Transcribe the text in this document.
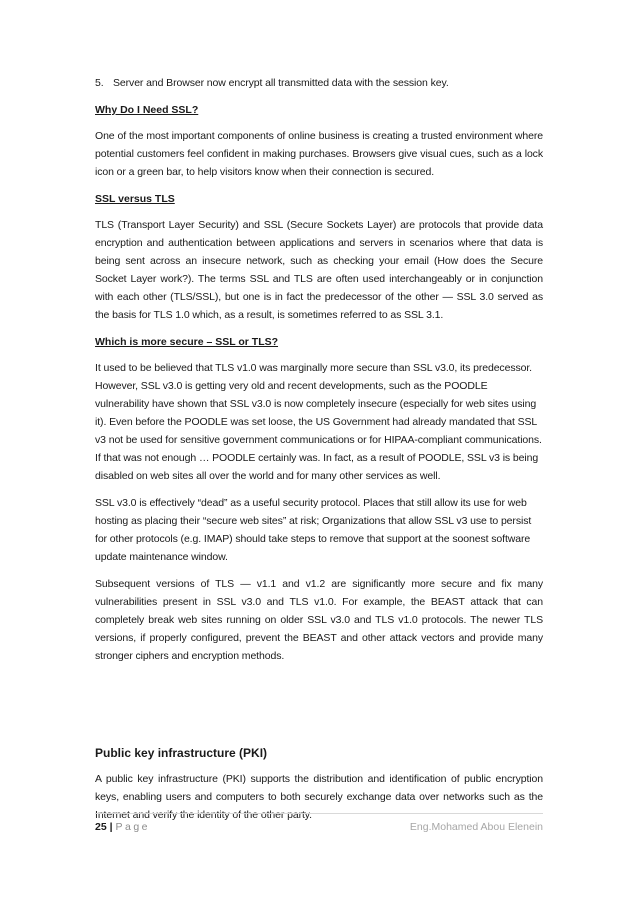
5. Server and Browser now encrypt all transmitted data with the session key.

Why Do I Need SSL?

One of the most important components of online business is creating a trusted environment where potential customers feel confident in making purchases. Browsers give visual cues, such as a lock icon or a green bar, to help visitors know when their connection is secured.

SSL versus TLS

TLS (Transport Layer Security) and SSL (Secure Sockets Layer) are protocols that provide data encryption and authentication between applications and servers in scenarios where that data is being sent across an insecure network, such as checking your email (How does the Secure Socket Layer work?). The terms SSL and TLS are often used interchangeably or in conjunction with each other (TLS/SSL), but one is in fact the predecessor of the other — SSL 3.0 served as the basis for TLS 1.0 which, as a result, is sometimes referred to as SSL 3.1.

Which is more secure – SSL or TLS?

It used to be believed that TLS v1.0 was marginally more secure than SSL v3.0, its predecessor. However, SSL v3.0 is getting very old and recent developments, such as the POODLE vulnerability have shown that SSL v3.0 is now completely insecure (especially for web sites using it). Even before the POODLE was set loose, the US Government had already mandated that SSL v3 not be used for sensitive government communications or for HIPAA-compliant communications. If that was not enough … POODLE certainly was. In fact, as a result of POODLE, SSL v3 is being disabled on web sites all over the world and for many other services as well.

SSL v3.0 is effectively “dead” as a useful security protocol. Places that still allow its use for web hosting as placing their “secure web sites” at risk; Organizations that allow SSL v3 use to persist for other protocols (e.g. IMAP) should take steps to remove that support at the soonest software update maintenance window.

Subsequent versions of TLS — v1.1 and v1.2 are significantly more secure and fix many vulnerabilities present in SSL v3.0 and TLS v1.0. For example, the BEAST attack that can completely break web sites running on older SSL v3.0 and TLS v1.0 protocols. The newer TLS versions, if properly configured, prevent the BEAST and other attack vectors and provide many stronger ciphers and encryption methods.

Public key infrastructure (PKI)

A public key infrastructure (PKI) supports the distribution and identification of public encryption keys, enabling users and computers to both securely exchange data over networks such as the Internet and verify the identity of the other party.

25 | Page	Eng.Mohamed Abou Elenein
